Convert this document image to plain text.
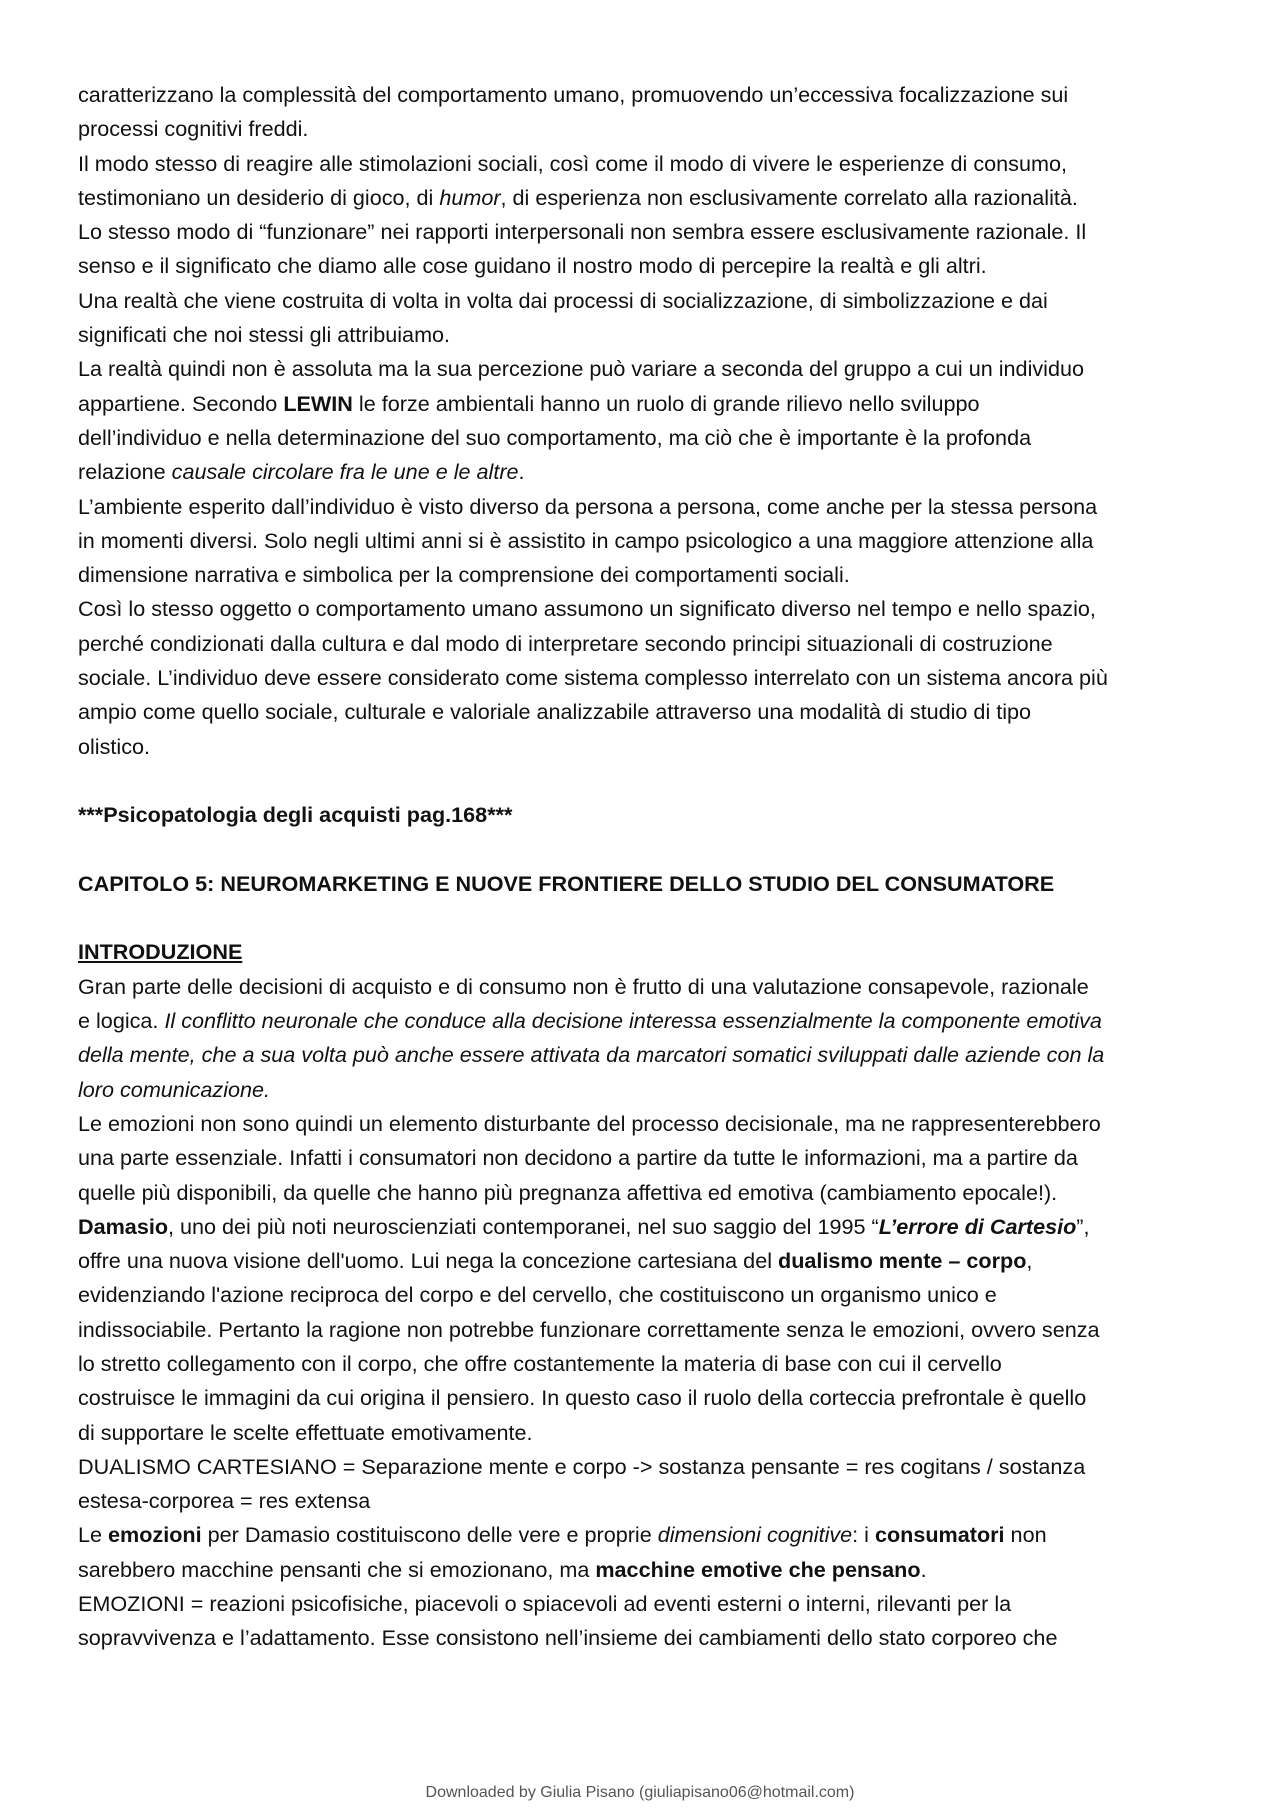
caratterizzano la complessità del comportamento umano, promuovendo un’eccessiva focalizzazione sui
processi cognitivi freddi.
Il modo stesso di reagire alle stimolazioni sociali, così come il modo di vivere le esperienze di consumo,
testimoniano un desiderio di gioco, di humor, di esperienza non esclusivamente correlato alla razionalità.
Lo stesso modo di “funzionare” nei rapporti interpersonali non sembra essere esclusivamente razionale. Il
senso e il significato che diamo alle cose guidano il nostro modo di percepire la realtà e gli altri.
Una realtà che viene costruita di volta in volta dai processi di socializzazione, di simbolizzazione e dai
significati che noi stessi gli attribuiamo.
La realtà quindi non è assoluta ma la sua percezione può variare a seconda del gruppo a cui un individuo
appartiene. Secondo LEWIN le forze ambientali hanno un ruolo di grande rilievo nello sviluppo
dell’individuo e nella determinazione del suo comportamento, ma ciò che è importante è la profonda
relazione causale circolare fra le une e le altre.
L’ambiente esperito dall’individuo è visto diverso da persona a persona, come anche per la stessa persona
in momenti diversi. Solo negli ultimi anni si è assistito in campo psicologico a una maggiore attenzione alla
dimensione narrativa e simbolica per la comprensione dei comportamenti sociali.
Così lo stesso oggetto o comportamento umano assumono un significato diverso nel tempo e nello spazio,
perché condizionati dalla cultura e dal modo di interpretare secondo principi situazionali di costruzione
sociale. L’individuo deve essere considerato come sistema complesso interrelato con un sistema ancora più
ampio come quello sociale, culturale e valoriale analizzabile attraverso una modalità di studio di tipo
olistico.
***Psicopatologia degli acquisti pag.168***
CAPITOLO 5: NEUROMARKETING E NUOVE FRONTIERE DELLO STUDIO DEL CONSUMATORE
INTRODUZIONE
Gran parte delle decisioni di acquisto e di consumo non è frutto di una valutazione consapevole, razionale
e logica. Il conflitto neuronale che conduce alla decisione interessa essenzialmente la componente emotiva
della mente, che a sua volta può anche essere attivata da marcatori somatici sviluppati dalle aziende con la
loro comunicazione.
Le emozioni non sono quindi un elemento disturbante del processo decisionale, ma ne rappresenterebbero
una parte essenziale. Infatti i consumatori non decidono a partire da tutte le informazioni, ma a partire da
quelle più disponibili, da quelle che hanno più pregnanza affettiva ed emotiva (cambiamento epocale!).
Damasio, uno dei più noti neuroscienziati contemporanei, nel suo saggio del 1995 “L’errore di Cartesio”,
offre una nuova visione dell'uomo. Lui nega la concezione cartesiana del dualismo mente – corpo,
evidenziando l'azione reciproca del corpo e del cervello, che costituiscono un organismo unico e
indissociabile. Pertanto la ragione non potrebbe funzionare correttamente senza le emozioni, ovvero senza
lo stretto collegamento con il corpo, che offre costantemente la materia di base con cui il cervello
costruisce le immagini da cui origina il pensiero. In questo caso il ruolo della corteccia prefrontale è quello
di supportare le scelte effettuate emotivamente.
DUALISMO CARTESIANO = Separazione mente e corpo -> sostanza pensante = res cogitans / sostanza
estesa-corporea = res extensa
Le emozioni per Damasio costituiscono delle vere e proprie dimensioni cognitive: i consumatori non
sarebbero macchine pensanti che si emozionano, ma macchine emotive che pensano.
EMOZIONI = reazioni psicofisiche, piacevoli o spiacevoli ad eventi esterni o interni, rilevanti per la
sopravvivenza e l’adattamento. Esse consistono nell’insieme dei cambiamenti dello stato corporeo che
Downloaded by Giulia Pisano (giuliapisano06@hotmail.com)
